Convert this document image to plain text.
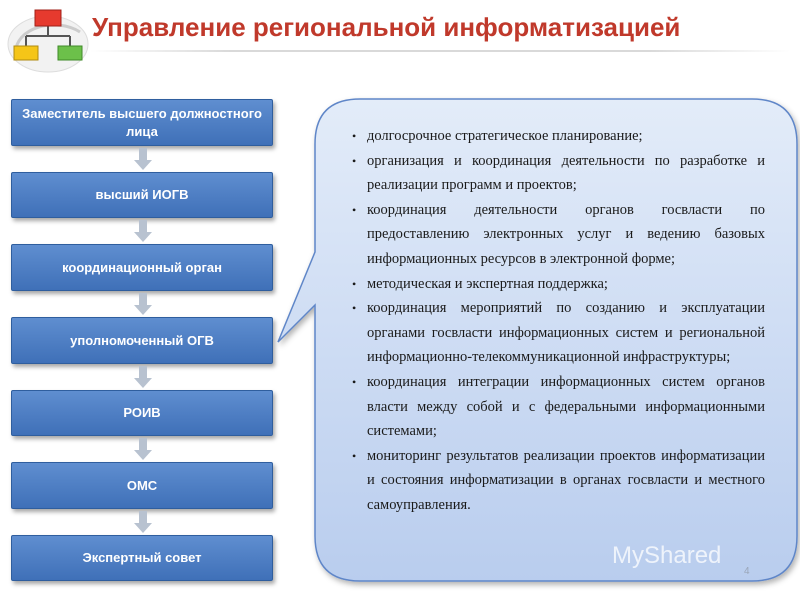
Управление региональной информатизацией
• долгосрочное стратегическое планирование;
• организация и координация деятельности по разработке и реализации программ и проектов;
• координация деятельности органов госвласти по предоставлению электронных услуг и ведению базовых информационных ресурсов в электронной форме;
• методическая и экспертная поддержка;
• координация мероприятий по созданию и эксплуатации органами госвласти информационных систем и региональной информационно-телекоммуникационной инфраструктуры;
• координация интеграции информационных систем органов власти между собой и с федеральными информационными системами;
• мониторинг результатов реализации проектов информатизации и состояния информатизации в органах госвласти и местного самоуправления.
Заместитель высшего должностного лица
высший ИОГВ
координационный орган
уполномоченный ОГВ
РОИВ
ОМС
Экспертный совет	MyShared
4
